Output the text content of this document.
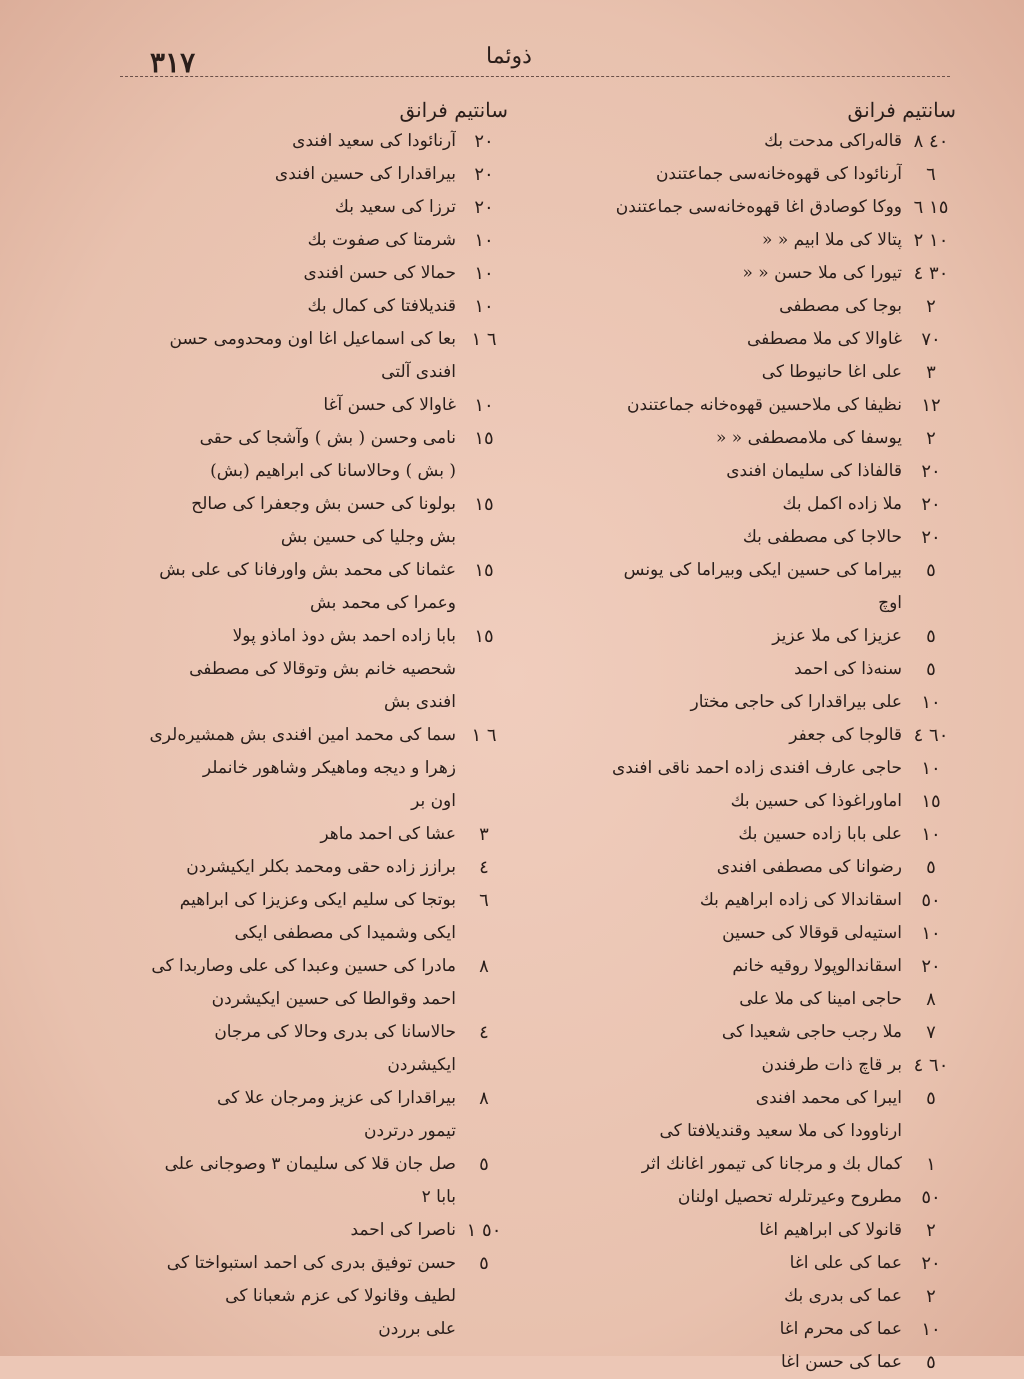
٣١٧	ذوئما
سانتيم فرانق
٤٠ ٨
قالەراكی مدحت بك
٦
آرنائودا كی قهوەخانەسی جماعتندن
١٥ ٦
ووكا كوصادق اغا قهوەخانەسی جماعتندن
١٠ ٢
پتالا كی ملا ابیم « «
٣٠ ٤
تیورا كی ملا حسن « «
٢
بوجا كی مصطفی
٧٠
غاوالا كی ملا مصطفی
٣
علی اغا حانیوطا كی
١٢
نظیفا كی ملاحسین قهوەخانە جماعتندن
٢
یوسفا كی ملامصطفی « «
٢٠
قالفاذا كی سلیمان افندی
٢٠
ملا زادە اكمل بك
٢٠
حالاجا كی مصطفی بك
٥
بیراما كی حسین ایكی وبیراما كی یونس
اوچ
٥
عزیزا كی ملا عزیز
٥
سنەذا كی احمد
١٠
علی بیراقدارا كی حاجی مختار
٦٠ ٤
قالوجا كی جعفر
١٠
حاجی عارف افندی زادە احمد ناقی افندی
١٥
اماوراغوذا كی حسین بك
١٠
علی بابا زادە حسین بك
٥
رضوانا كی مصطفی افندی
٥٠
اسقاندالا كی زادە ابراهیم بك
١٠
استیەلی قوقالا كی حسین
٢٠
اسقاندالوپولا روقیە خانم
٨
حاجی امینا كی ملا علی
٧
ملا رجب حاجی شعیدا كی
٦٠ ٤
بر قاچ ذات طرفندن
٥
ایبرا كی محمد افندی
ارناوودا كی ملا سعید وقندیلافتا كی
١
كمال بك و مرجانا كی تیمور اغانك اثر
٥٠
مطروح وعیرتلرلە تحصیل اولنان
٢
قانولا كی ابراهیم اغا
٢٠
عما كی علی اغا
٢
عما كی بدری بك
١٠
عما كی محرم اغا
٥
عما كی حسن اغا
سانتیم فرانق
٢٠
آرنائودا كی سعید افندی
٢٠
بیراقدارا كی حسین افندی
٢٠
ترزا كی سعید بك
١٠
شرمتا كی صفوت بك
١٠
حمالا كی حسن افندی
١٠
قندیلافتا كی كمال بك
٦ ١
بعا كی اسماعیل اغا اون ومحدومی حسن
افندی آلتی
١٠
غاوالا كی حسن آغا
١٥
نامی وحسن ( بش ) وآشجا كی حقی
( بش ) وحالاسانا كی ابراهیم (بش)
١٥
بولونا كی حسن بش وجعفرا كی صالح
بش وجلیا كی حسین بش
١٥
عثمانا كی محمد بش واورفانا كی علی بش
وعمرا كی محمد بش
١٥
بابا زادە احمد بش دوذ اماذو پولا
شحصیە خانم بش وتوقالا كی مصطفی
افندی بش
٦ ١
سما كی محمد امین افندی بش همشیرەلری
زهرا و دیجە وماهیكر وشاهور خانملر
اون بر
٣
عشا كی احمد ماهر
٤
برازز زادە حقی ومحمد بكلر ایكیشردن
٦
بوتجا كی سلیم ایكی وعزیزا كی ابراهیم
ایكی وشمیدا كی مصطفی ایكی
٨
مادرا كی حسین وعبدا كی علی وصاربدا كی
احمد وقوالطا كی حسین ایكیشردن
٤
حالاسانا كی بدری وحالا كی مرجان
ایكیشردن
٨
بیراقدارا كی عزیز ومرجان علا كی
تیمور درتردن
٥
صل جان قلا كی سلیمان ٣ وصوجانی علی
بابا ٢
٥٠ ١
ناصرا كی احمد
٥
حسن توفیق بدری كی احمد استبواختا كی
لطیف وقانولا كی عزم شعبانا كی
علی برردن
